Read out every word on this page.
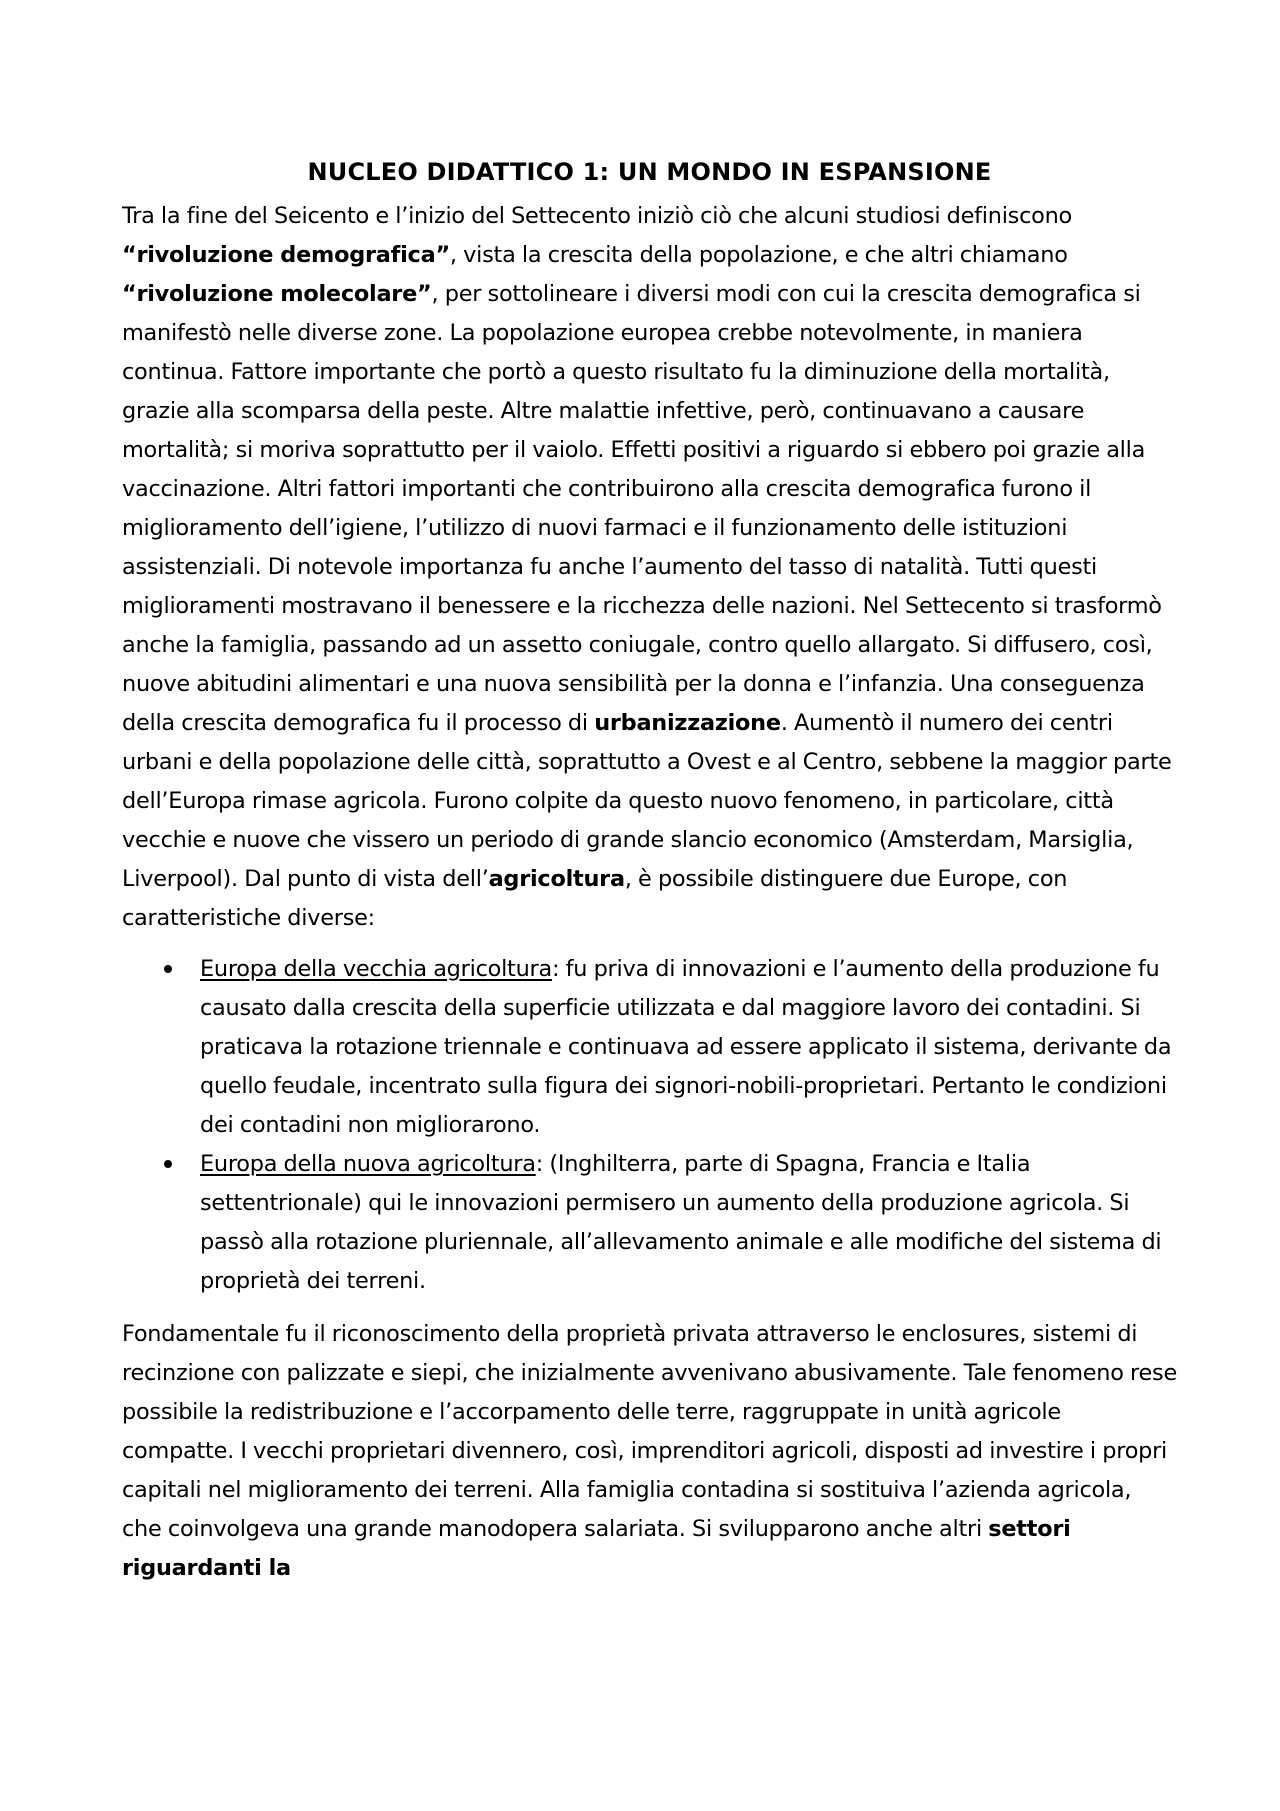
NUCLEO DIDATTICO 1: UN MONDO IN ESPANSIONE

Tra la fine del Seicento e l’inizio del Settecento iniziò ciò che alcuni studiosi definiscono “rivoluzione demografica”, vista la crescita della popolazione, e che altri chiamano “rivoluzione molecolare”, per sottolineare i diversi modi con cui la crescita demografica si manifestò nelle diverse zone. La popolazione europea crebbe notevolmente, in maniera continua. Fattore importante che portò a questo risultato fu la diminuzione della mortalità, grazie alla scomparsa della peste. Altre malattie infettive, però, continuavano a causare mortalità; si moriva soprattutto per il vaiolo. Effetti positivi a riguardo si ebbero poi grazie alla vaccinazione. Altri fattori importanti che contribuirono alla crescita demografica furono il miglioramento dell’igiene, l’utilizzo di nuovi farmaci e il funzionamento delle istituzioni assistenziali. Di notevole importanza fu anche l’aumento del tasso di natalità. Tutti questi miglioramenti mostravano il benessere e la ricchezza delle nazioni. Nel Settecento si trasformò anche la famiglia, passando ad un assetto coniugale, contro quello allargato. Si diffusero, così, nuove abitudini alimentari e una nuova sensibilità per la donna e l’infanzia. Una conseguenza della crescita demografica fu il processo di urbanizzazione. Aumentò il numero dei centri urbani e della popolazione delle città, soprattutto a Ovest e al Centro, sebbene la maggior parte dell’Europa rimase agricola. Furono colpite da questo nuovo fenomeno, in particolare, città vecchie e nuove che vissero un periodo di grande slancio economico (Amsterdam, Marsiglia, Liverpool). Dal punto di vista dell’agricoltura, è possibile distinguere due Europe, con caratteristiche diverse:

Europa della vecchia agricoltura: fu priva di innovazioni e l’aumento della produzione fu causato dalla crescita della superficie utilizzata e dal maggiore lavoro dei contadini. Si praticava la rotazione triennale e continuava ad essere applicato il sistema, derivante da quello feudale, incentrato sulla figura dei signori-nobili-proprietari. Pertanto le condizioni dei contadini non migliorarono.
Europa della nuova agricoltura: (Inghilterra, parte di Spagna, Francia e Italia settentrionale) qui le innovazioni permisero un aumento della produzione agricola. Si passò alla rotazione pluriennale, all’allevamento animale e alle modifiche del sistema di proprietà dei terreni.

Fondamentale fu il riconoscimento della proprietà privata attraverso le enclosures, sistemi di recinzione con palizzate e siepi, che inizialmente avvenivano abusivamente. Tale fenomeno rese possibile la redistribuzione e l’accorpamento delle terre, raggruppate in unità agricole compatte. I vecchi proprietari divennero, così, imprenditori agricoli, disposti ad investire i propri capitali nel miglioramento dei terreni. Alla famiglia contadina si sostituiva l’azienda agricola, che coinvolgeva una grande manodopera salariata. Si svilupparono anche altri settori riguardanti la
